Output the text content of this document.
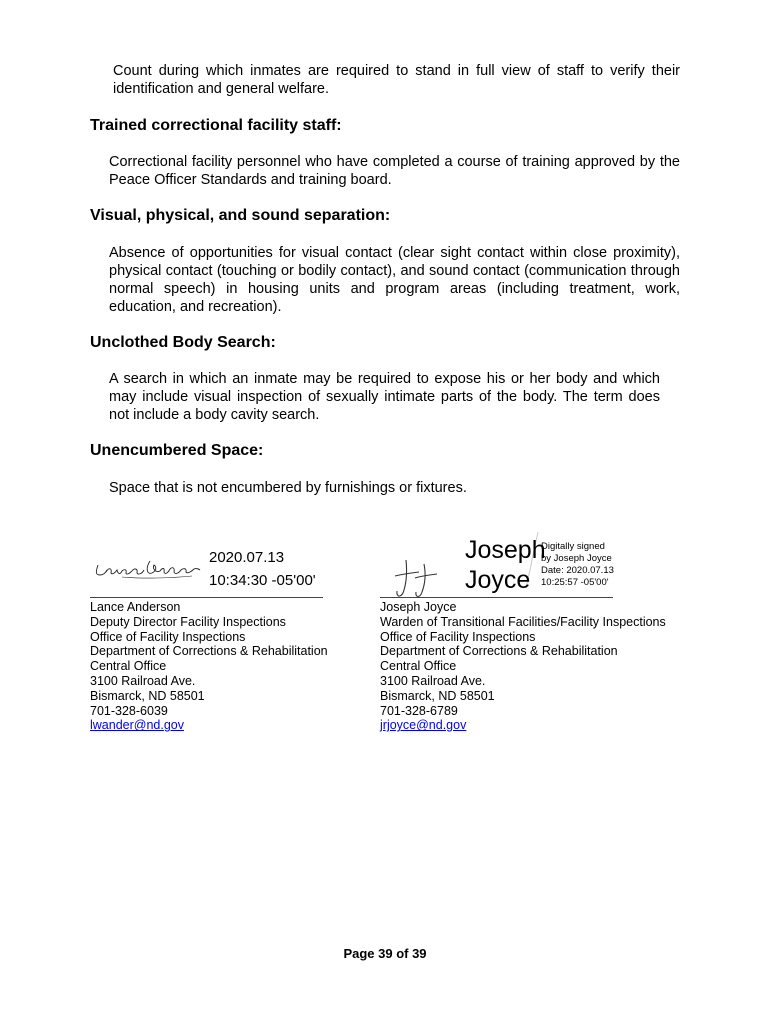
Count during which inmates are required to stand in full view of staff to verify their identification and general welfare.

Trained correctional facility staff:

Correctional facility personnel who have completed a course of training approved by the Peace Officer Standards and training board.

Visual, physical, and sound separation:

Absence of opportunities for visual contact (clear sight contact within close proximity), physical contact (touching or bodily contact), and sound contact (communication through normal speech) in housing units and program areas (including treatment, work, education, and recreation).

Unclothed Body Search:

A search in which an inmate may be required to expose his or her body and which may include visual inspection of sexually intimate parts of the body. The term does not include a body cavity search.

Unencumbered Space:

Space that is not encumbered by furnishings or fixtures.

2020.07.13
10:34:30 -05'00'
Lance Anderson
Deputy Director Facility Inspections
Office of Facility Inspections
Department of Corrections & Rehabilitation
Central Office
3100 Railroad Ave.
Bismarck, ND 58501
701-328-6039
lwander@nd.gov
Joseph
Joyce
Digitally signed
by Joseph Joyce
Date: 2020.07.13
10:25:57 -05'00'
Joseph Joyce
Warden of Transitional Facilities/Facility Inspections
Office of Facility Inspections
Department of Corrections & Rehabilitation
Central Office
3100 Railroad Ave.
Bismarck, ND 58501
701-328-6789
jrjoyce@nd.gov
Page 39 of 39
